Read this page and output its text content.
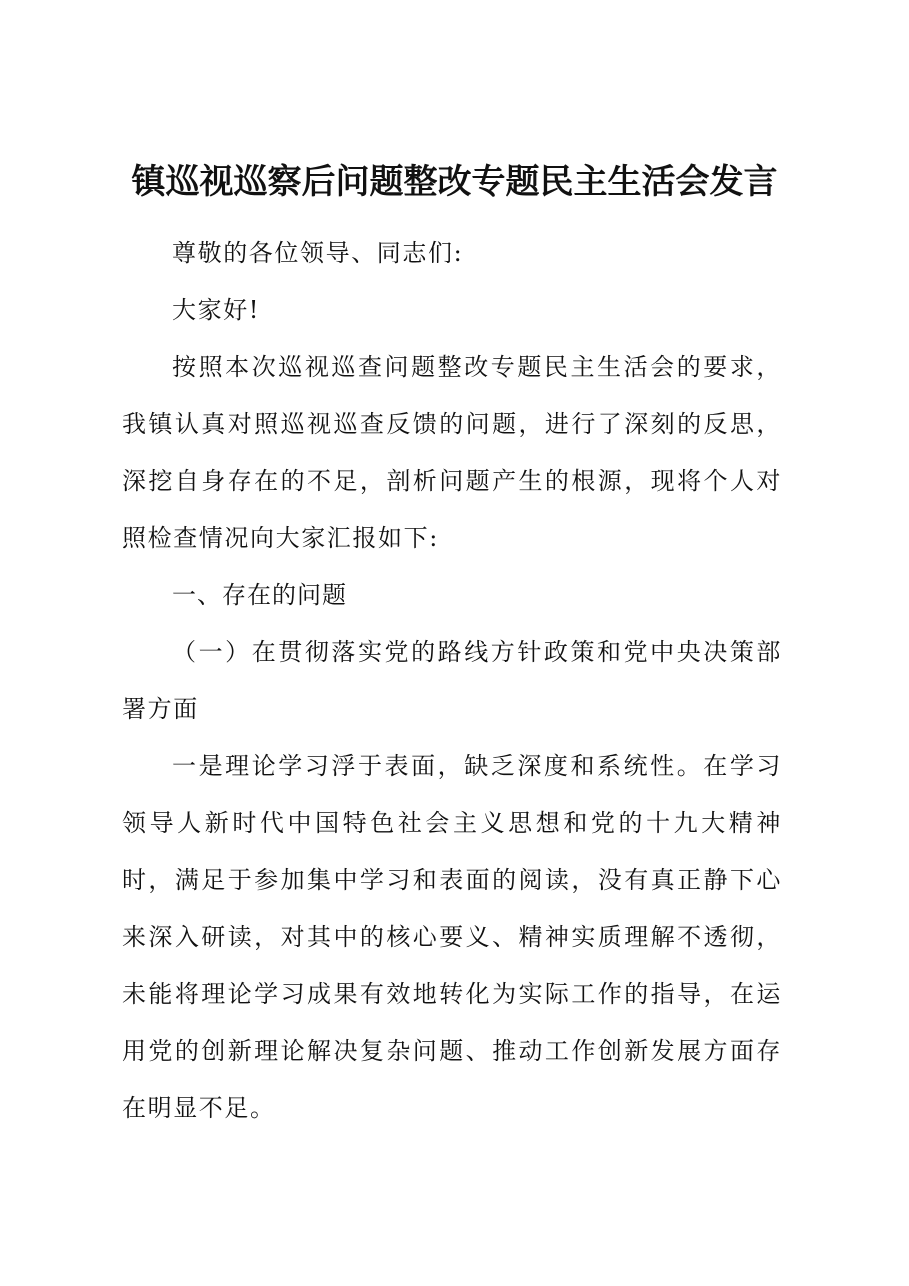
镇巡视巡察后问题整改专题民主生活会发言

尊敬的各位领导、同志们:

大家好!

按照本次巡视巡查问题整改专题民主生活会的要求，我镇认真对照巡视巡查反馈的问题，进行了深刻的反思，深挖自身存在的不足，剖析问题产生的根源，现将个人对照检查情况向大家汇报如下:

一、存在的问题

（一）在贯彻落实党的路线方针政策和党中央决策部署方面

一是理论学习浮于表面，缺乏深度和系统性。在学习领导人新时代中国特色社会主义思想和党的十九大精神时，满足于参加集中学习和表面的阅读，没有真正静下心来深入研读，对其中的核心要义、精神实质理解不透彻，未能将理论学习成果有效地转化为实际工作的指导，在运用党的创新理论解决复杂问题、推动工作创新发展方面存在明显不足。
